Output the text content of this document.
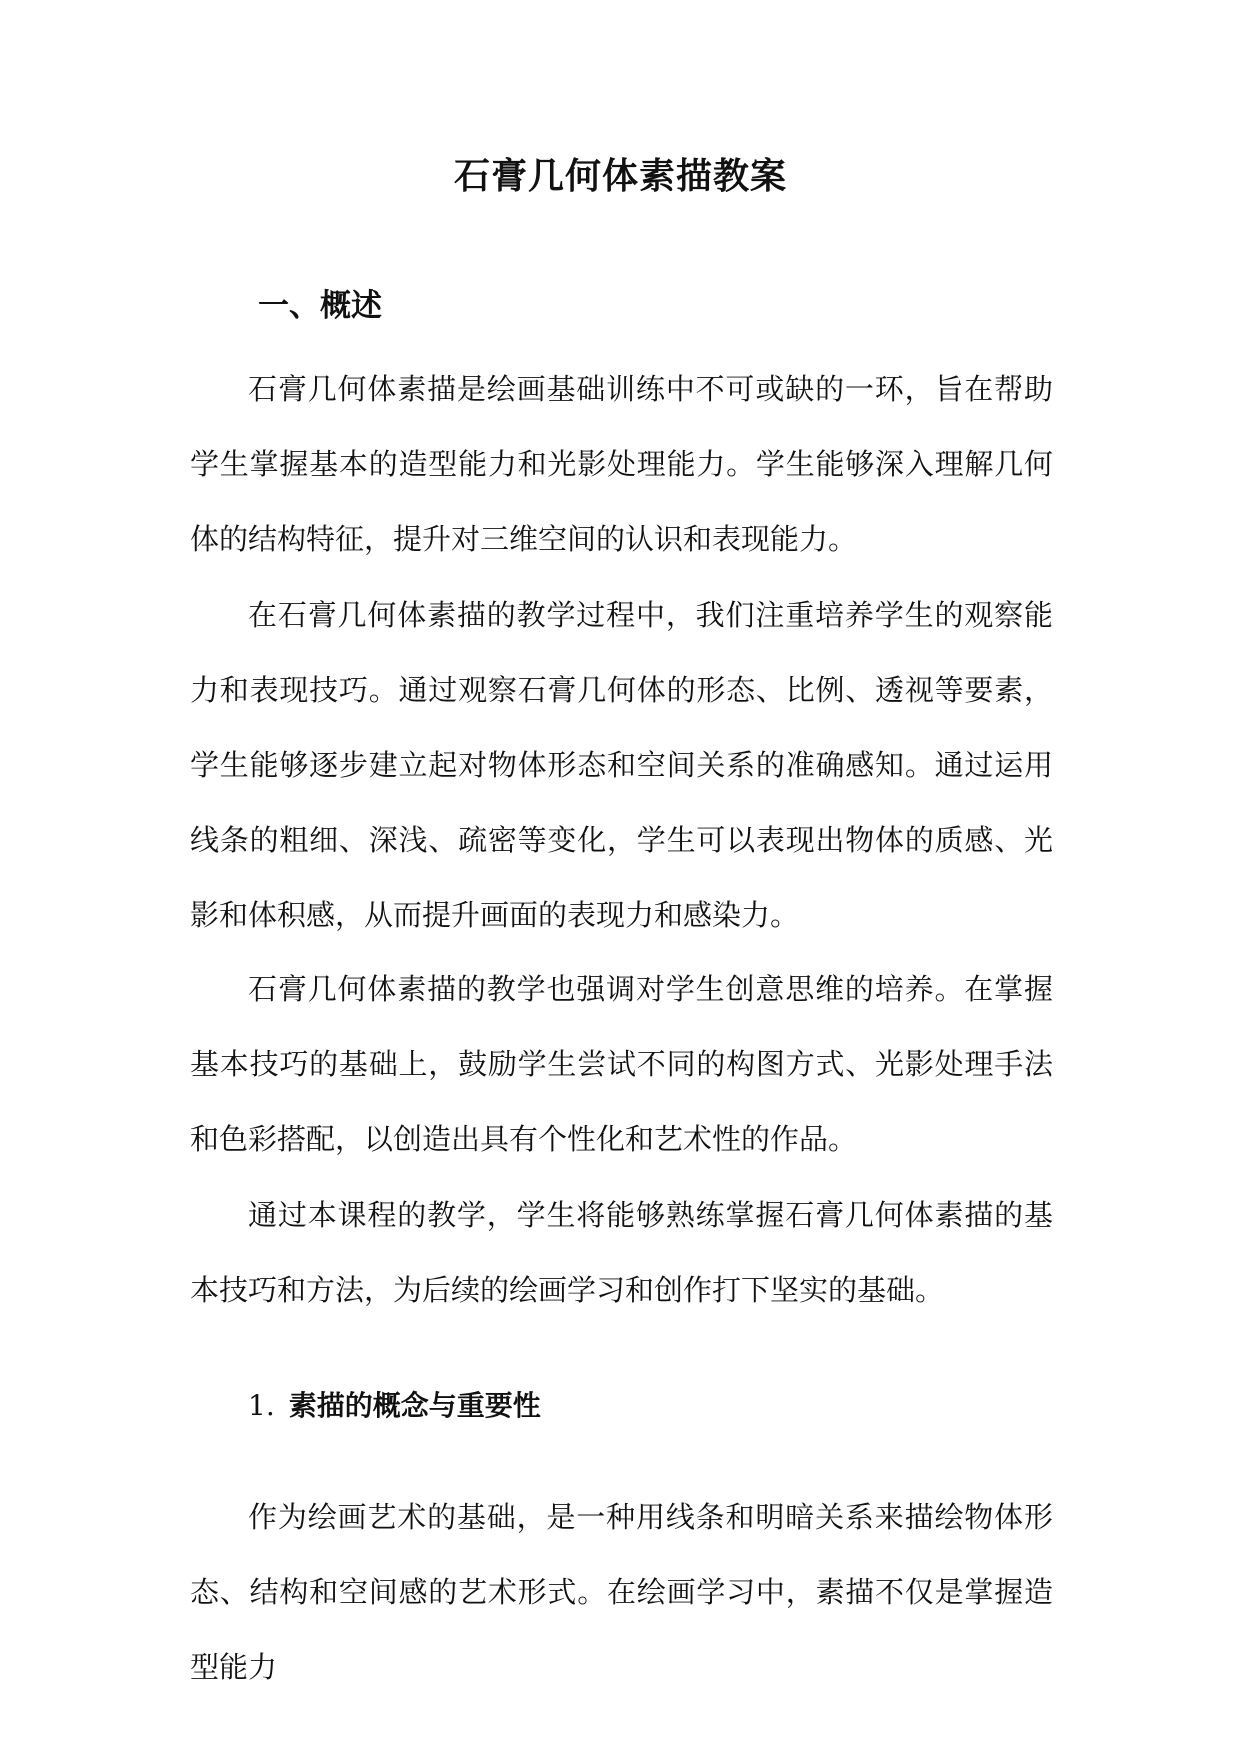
石膏几何体素描教案
一、概述

石膏几何体素描是绘画基础训练中不可或缺的一环，旨在帮助学生掌握基本的造型能力和光影处理能力。学生能够深入理解几何体的结构特征，提升对三维空间的认识和表现能力。

在石膏几何体素描的教学过程中，我们注重培养学生的观察能力和表现技巧。通过观察石膏几何体的形态、比例、透视等要素，学生能够逐步建立起对物体形态和空间关系的准确感知。通过运用线条的粗细、深浅、疏密等变化，学生可以表现出物体的质感、光影和体积感，从而提升画面的表现力和感染力。

石膏几何体素描的教学也强调对学生创意思维的培养。在掌握基本技巧的基础上，鼓励学生尝试不同的构图方式、光影处理手法和色彩搭配，以创造出具有个性化和艺术性的作品。

通过本课程的教学，学生将能够熟练掌握石膏几何体素描的基本技巧和方法，为后续的绘画学习和创作打下坚实的基础。

1. 素描的概念与重要性

作为绘画艺术的基础，是一种用线条和明暗关系来描绘物体形态、结构和空间感的艺术形式。在绘画学习中，素描不仅是掌握造型能力
